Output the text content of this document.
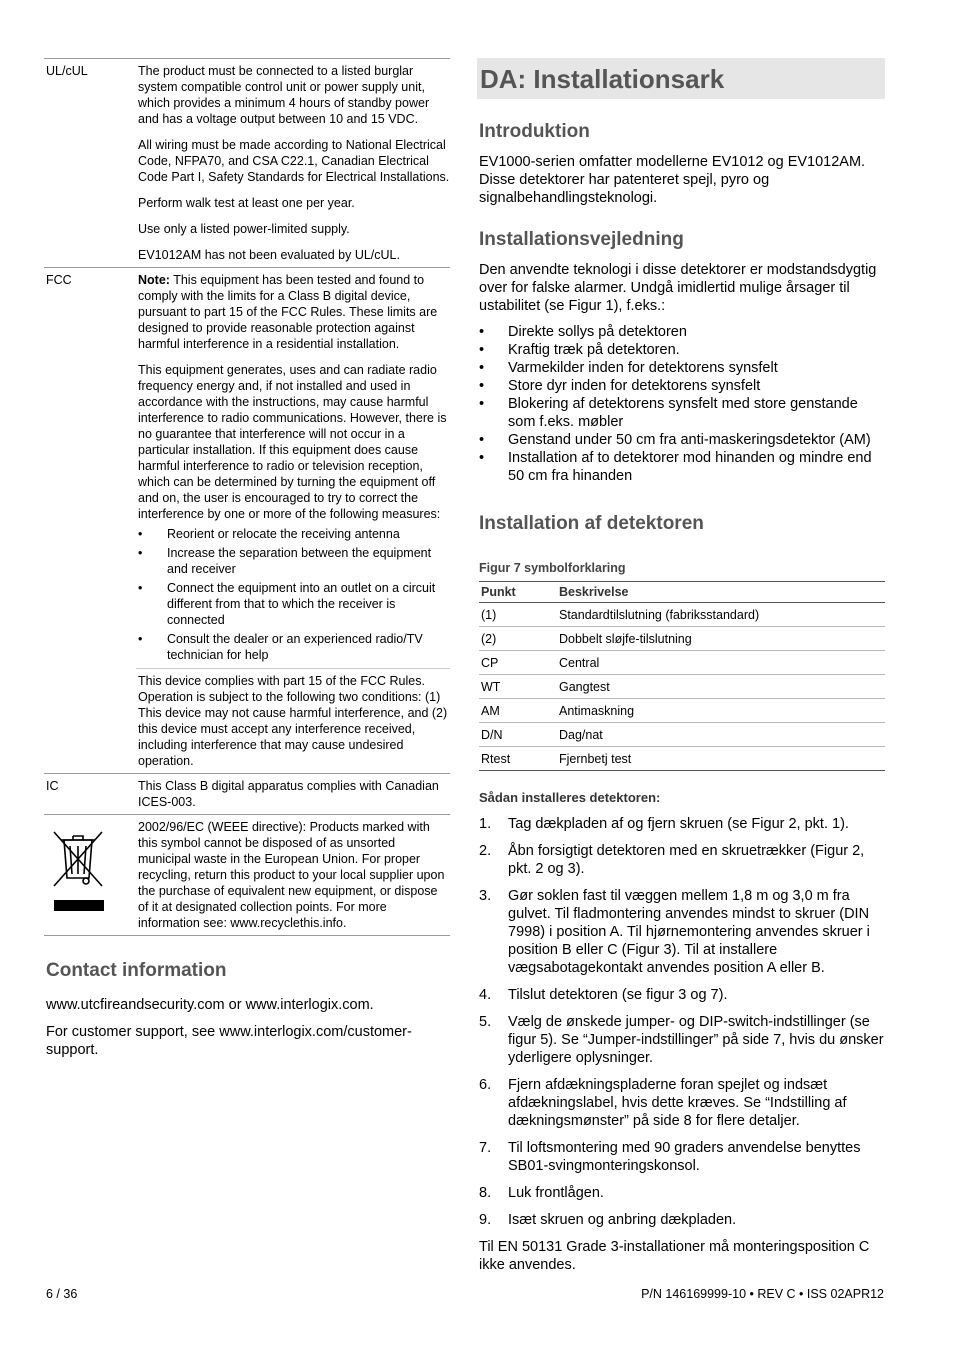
UL/cUL	The product must be connected to a listed burglar system compatible control unit or power supply unit, which provides a minimum 4 hours of standby power and has a voltage output between 10 and 15 VDC.
All wiring must be made according to National Electrical Code, NFPA70, and CSA C22.1, Canadian Electrical Code Part I, Safety Standards for Electrical Installations.
Perform walk test at least one per year.
Use only a listed power-limited supply.
EV1012AM has not been evaluated by UL/cUL.
FCC	Note: This equipment has been tested and found to comply with the limits for a Class B digital device, pursuant to part 15 of the FCC Rules. These limits are designed to provide reasonable protection against harmful interference in a residential installation.
This equipment generates, uses and can radiate radio frequency energy and, if not installed and used in accordance with the instructions, may cause harmful interference to radio communications. However, there is no guarantee that interference will not occur in a particular installation. If this equipment does cause harmful interference to radio or television reception, which can be determined by turning the equipment off and on, the user is encouraged to try to correct the interference by one or more of the following measures:
• Reorient or relocate the receiving antenna
• Increase the separation between the equipment and receiver
• Connect the equipment into an outlet on a circuit different from that to which the receiver is connected
• Consult the dealer or an experienced radio/TV technician for help
This device complies with part 15 of the FCC Rules. Operation is subject to the following two conditions: (1) This device may not cause harmful interference, and (2) this device must accept any interference received, including interference that may cause undesired operation.
IC	This Class B digital apparatus complies with Canadian ICES-003.
2002/96/EC (WEEE directive): Products marked with this symbol cannot be disposed of as unsorted municipal waste in the European Union. For proper recycling, return this product to your local supplier upon the purchase of equivalent new equipment, or dispose of it at designated collection points. For more information see: www.recyclethis.info.
Contact information

www.utcfireandsecurity.com or www.interlogix.com.

For customer support, see www.interlogix.com/customer-support.

DA: Installationsark
Introduktion

EV1000-serien omfatter modellerne EV1012 og EV1012AM. Disse detektorer har patenteret spejl, pyro og signalbehandlingsteknologi.

Installationsvejledning

Den anvendte teknologi i disse detektorer er modstandsdygtig over for falske alarmer. Undgå imidlertid mulige årsager til ustabilitet (se Figur 1), f.eks.:

• Direkte sollys på detektoren
• Kraftig træk på detektoren.
• Varmekilder inden for detektorens synsfelt
• Store dyr inden for detektorens synsfelt
• Blokering af detektorens synsfelt med store genstande som f.eks. møbler
• Genstand under 50 cm fra anti-maskeringsdetektor (AM)
• Installation af to detektorer mod hinanden og mindre end 50 cm fra hinanden
Installation af detektoren
Figur 7 symbolforklaring
Punkt	Beskrivelse
(1)	Standardtilslutning (fabriksstandard)
(2)	Dobbelt sløjfe-tilslutning
CP	Central
WT	Gangtest
AM	Antimaskning
D/N	Dag/nat
Rtest	Fjernbetj test
Sådan installeres detektoren:
1. Tag dækpladen af og fjern skruen (se Figur 2, pkt. 1).
2. Åbn forsigtigt detektoren med en skruetrækker (Figur 2, pkt. 2 og 3).
3. Gør soklen fast til væggen mellem 1,8 m og 3,0 m fra gulvet. Til fladmontering anvendes mindst to skruer (DIN 7998) i position A. Til hjørnemontering anvendes skruer i position B eller C (Figur 3). Til at installere vægsabotagekontakt anvendes position A eller B.
4. Tilslut detektoren (se figur 3 og 7).
5. Vælg de ønskede jumper- og DIP-switch-indstillinger (se figur 5). Se “Jumper-indstillinger” på side 7, hvis du ønsker yderligere oplysninger.
6. Fjern afdækningspladerne foran spejlet og indsæt afdækningslabel, hvis dette kræves. Se “Indstilling af dækningsmønster” på side 8 for flere detaljer.
7. Til loftsmontering med 90 graders anvendelse benyttes SB01-svingmonteringskonsol.
8. Luk frontlågen.
9. Isæt skruen og anbring dækpladen.

Til EN 50131 Grade 3-installationer må monteringsposition C ikke anvendes.

6 / 36	P/N 146169999-10 • REV C • ISS 02APR12
